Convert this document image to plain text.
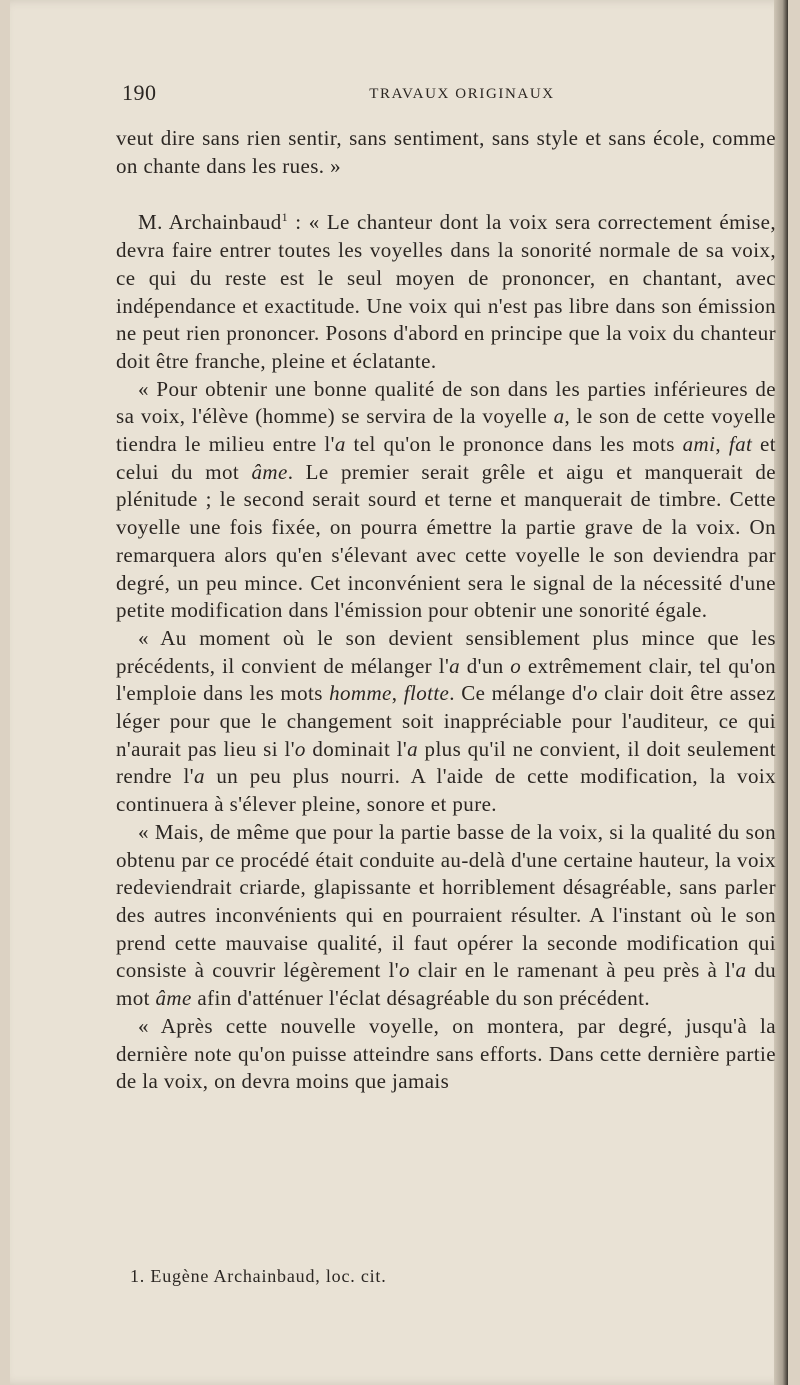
190	TRAVAUX ORIGINAUX

veut dire sans rien sentir, sans sentiment, sans style et sans école, comme on chante dans les rues. »

M. Archainbaud$^1$ : « Le chanteur dont la voix sera correctement émise, devra faire entrer toutes les voyelles dans la sonorité normale de sa voix, ce qui du reste est le seul moyen de prononcer, en chantant, avec indépendance et exactitude. Une voix qui n'est pas libre dans son émission ne peut rien prononcer. Posons d'abord en principe que la voix du chanteur doit être franche, pleine et éclatante.

« Pour obtenir une bonne qualité de son dans les parties inférieures de sa voix, l'élève (homme) se servira de la voyelle a, le son de cette voyelle tiendra le milieu entre l'a tel qu'on le prononce dans les mots ami, fat et celui du mot âme. Le premier serait grêle et aigu et manquerait de plénitude ; le second serait sourd et terne et manquerait de timbre. Cette voyelle une fois fixée, on pourra émettre la partie grave de la voix. On remarquera alors qu'en s'élevant avec cette voyelle le son deviendra par degré, un peu mince. Cet inconvénient sera le signal de la nécessité d'une petite modification dans l'émission pour obtenir une sonorité égale.

« Au moment où le son devient sensiblement plus mince que les précédents, il convient de mélanger l'a d'un o extrêmement clair, tel qu'on l'emploie dans les mots homme, flotte. Ce mélange d'o clair doit être assez léger pour que le changement soit inappréciable pour l'auditeur, ce qui n'aurait pas lieu si l'o dominait l'a plus qu'il ne convient, il doit seulement rendre l'a un peu plus nourri. A l'aide de cette modification, la voix continuera à s'élever pleine, sonore et pure.

« Mais, de même que pour la partie basse de la voix, si la qualité du son obtenu par ce procédé était conduite au-delà d'une certaine hauteur, la voix redeviendrait criarde, glapissante et horriblement désagréable, sans parler des autres inconvénients qui en pourraient résulter. A l'instant où le son prend cette mauvaise qualité, il faut opérer la seconde modification qui consiste à couvrir légèrement l'o clair en le ramenant à peu près à l'a du mot âme afin d'atténuer l'éclat désagréable du son précédent.

« Après cette nouvelle voyelle, on montera, par degré, jusqu'à la dernière note qu'on puisse atteindre sans efforts. Dans cette dernière partie de la voix, on devra moins que jamais

1. Eugène Archainbaud, loc. cit.
